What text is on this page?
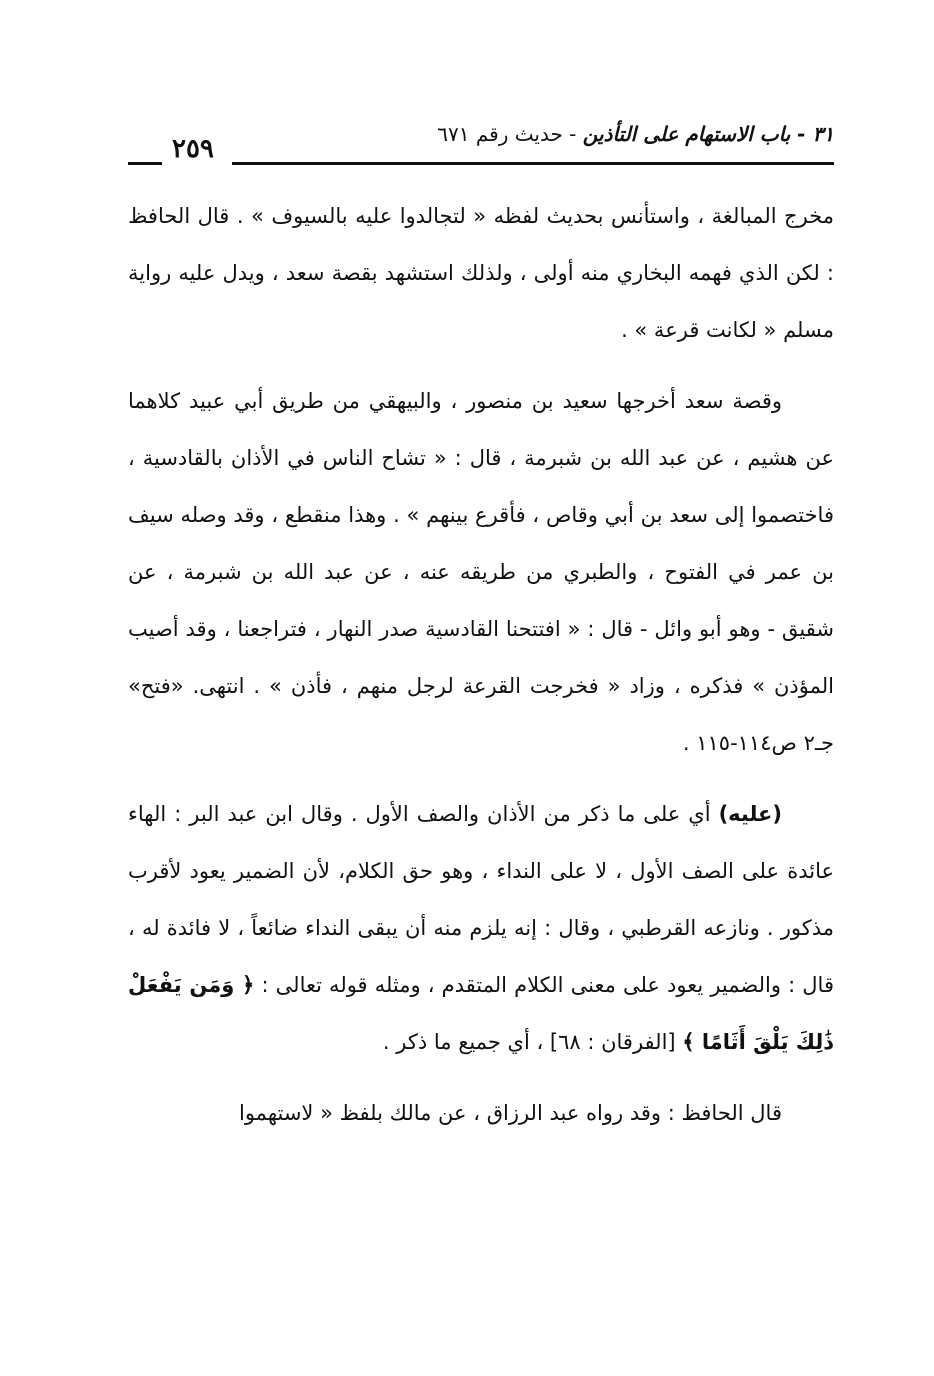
٢٥٩	٣١ - باب الاستهام على التأذين - حديث رقم ٦٧١

مخرج المبالغة ، واستأنس بحديث لفظه « لتجالدوا عليه بالسيوف » . قال الحافظ : لكن الذي فهمه البخاري منه أولى ، ولذلك استشهد بقصة سعد ، ويدل عليه رواية مسلم « لكانت قرعة » .

وقصة سعد أخرجها سعيد بن منصور ، والبيهقي من طريق أبي عبيد كلاهما عن هشيم ، عن عبد الله بن شبرمة ، قال : « تشاح الناس في الأذان بالقادسية ، فاختصموا إلى سعد بن أبي وقاص ، فأقرع بينهم » . وهذا منقطع ، وقد وصله سيف بن عمر في الفتوح ، والطبري من طريقه عنه ، عن عبد الله بن شبرمة ، عن شقيق - وهو أبو وائل - قال : « افتتحنا القادسية صدر النهار ، فتراجعنا ، وقد أصيب المؤذن » فذكره ، وزاد « فخرجت القرعة لرجل منهم ، فأذن » . انتهى. «فتح» جـ٢ ص١١٤-١١٥ .

(عليه) أي على ما ذكر من الأذان والصف الأول . وقال ابن عبد البر : الهاء عائدة على الصف الأول ، لا على النداء ، وهو حق الكلام، لأن الضمير يعود لأقرب مذكور . ونازعه القرطبي ، وقال : إنه يلزم منه أن يبقى النداء ضائعاً ، لا فائدة له ، قال : والضمير يعود على معنى الكلام المتقدم ، ومثله قوله تعالى : ﴿ وَمَن يَفْعَلْ ذَٰلِكَ يَلْقَ أَثَامًا ﴾ [الفرقان : ٦٨] ، أي جميع ما ذكر .

قال الحافظ : وقد رواه عبد الرزاق ، عن مالك بلفظ « لاستهموا
